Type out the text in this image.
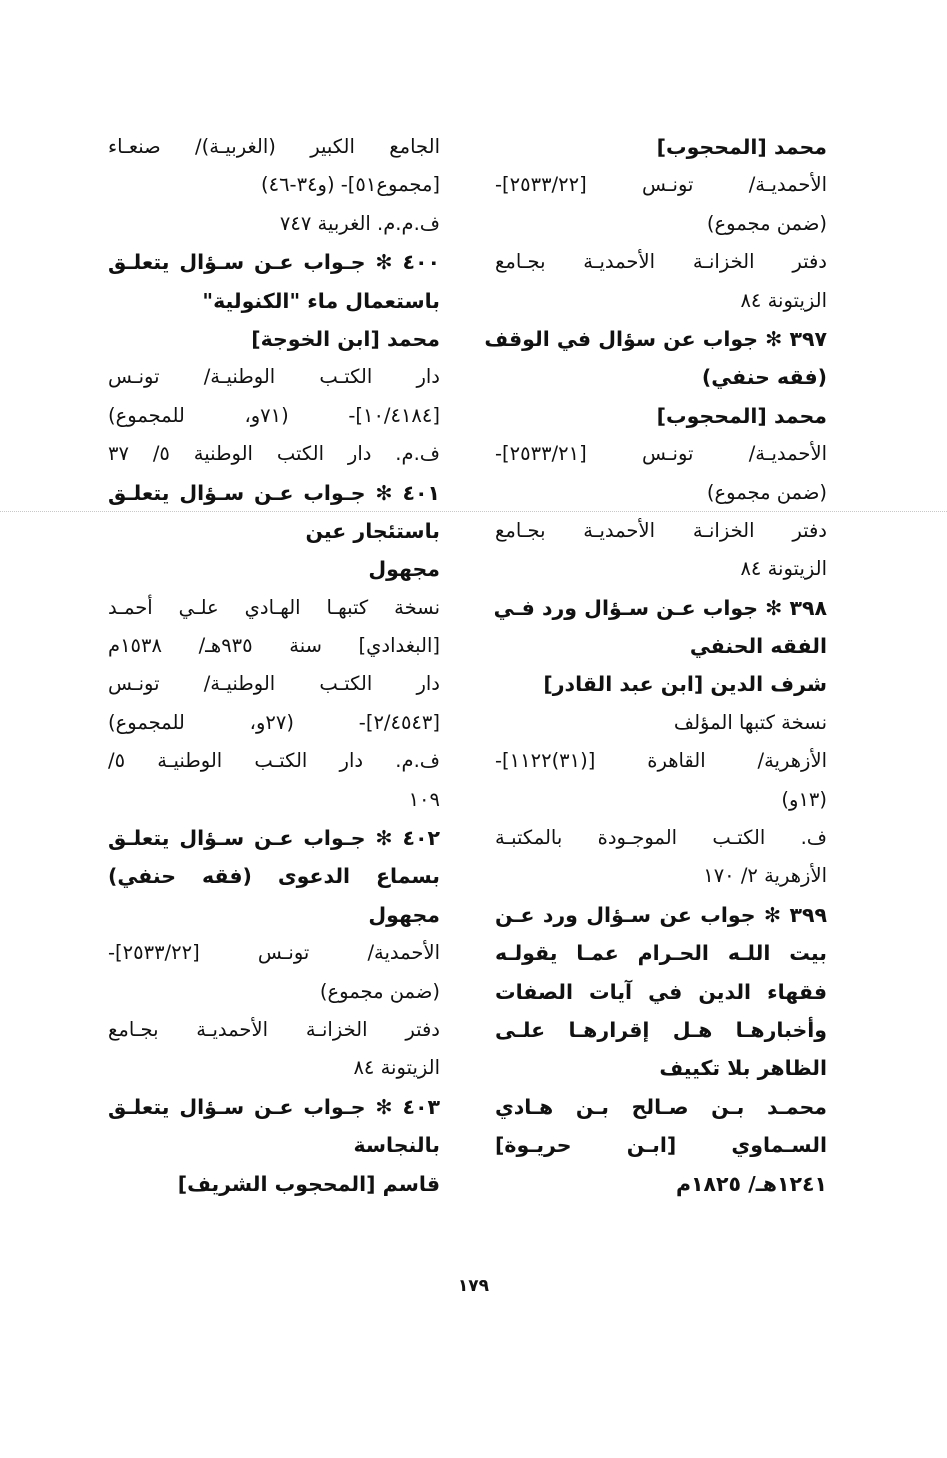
محمد [المحجوب]
الأحمديـة/ تونـس [٢٥٣٣/٢٢]-
(ضمن مجموع)
دفتر الخزانـة الأحمديـة بجـامع
الزيتونة ٨٤
٣٩٧ ✻ جواب عن سؤال في الوقف
(فقه حنفي)
محمد [المحجوب]
الأحمديـة/ تونـس [٢٥٣٣/٢١]-
(ضمن مجموع)
دفتر الخزانـة الأحمديـة بجـامع
الزيتونة ٨٤
٣٩٨ ✻ جواب عـن سـؤال ورد فـي
الفقه الحنفي
شرف الدين [ابن عبد القادر]
نسخة كتبها المؤلف
الأزهرية/ القاهرة [(٣١)١١٢٢]-
(١٣و)
ف. الكتـب الموجـودة بالمكتبـة
الأزهرية ٢/ ١٧٠
٣٩٩ ✻ جواب عن سـؤال ورد عـن
بيت اللـه الحـرام عمـا يقولـه
فقهاء الدين في آيات الصفات
وأخبارهـا هـل إقرارهـا علـى
الظاهر بلا تكييف
محمـد بـن صـالح بـن هـادي
السـماوي [ابـن حريـوة]
١٢٤١هـ/ ١٨٢٥م
الجامع الكبير (الغربيـة)/ صنعـاء
[مجموع٥١]- (و٣٤-٤٦)
ف.م.م. الغربية ٧٤٧
٤٠٠ ✻ جـواب عـن سـؤال يتعلـق
باستعمال ماء "الكنولية"
محمد [ابن الخوجة]
دار الكتـب الوطنيـة/ تونـس
[١٠/٤١٨٤]- (٧١و، للمجموع)
ف.م. دار الكتب الوطنية ٥/ ٣٧
٤٠١ ✻ جـواب عـن سـؤال يتعلـق
باستئجار عين
مجهول
نسخة كتبهـا الهـادي علـي أحمـد
[البغدادي] سنة ٩٣٥هـ/ ١٥٣٨م
دار الكتـب الوطنيـة/ تونـس
[٢/٤٥٤٣]- (٢٧و، للمجموع)
ف.م. دار الكتـب الوطنيـة ٥/
١٠٩
٤٠٢ ✻ جـواب عـن سـؤال يتعلـق
بسماع الدعوى (فقه حنفي)
مجهول
الأحمدية/ تونـس [٢٥٣٣/٢٢]-
(ضمن مجموع)
دفتر الخزانـة الأحمديـة بجـامع
الزيتونة ٨٤
٤٠٣ ✻ جـواب عـن سـؤال يتعلـق
بالنجاسة
قاسم [المحجوب الشريف]
١٧٩
